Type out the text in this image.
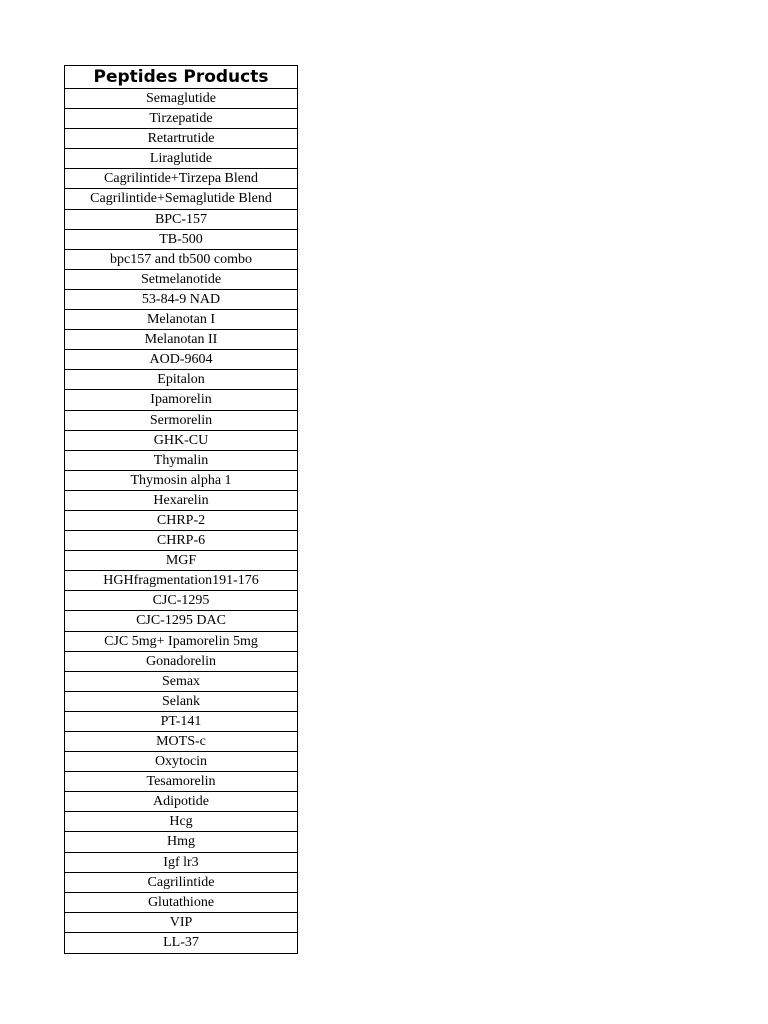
Peptides Products
Semaglutide
Tirzepatide
Retartrutide
Liraglutide
Cagrilintide+Tirzepa Blend
Cagrilintide+Semaglutide Blend
BPC-157
TB-500
bpc157 and tb500 combo
Setmelanotide
53-84-9 NAD
Melanotan I
Melanotan II
AOD-9604
Epitalon
Ipamorelin
Sermorelin
GHK-CU
Thymalin
Thymosin alpha 1
Hexarelin
CHRP-2
CHRP-6
MGF
HGHfragmentation191-176
CJC-1295
CJC-1295 DAC
CJC 5mg+ Ipamorelin 5mg
Gonadorelin
Semax
Selank
PT-141
MOTS-c
Oxytocin
Tesamorelin
Adipotide
Hcg
Hmg
Igf lr3
Cagrilintide
Glutathione
VIP
LL-37
